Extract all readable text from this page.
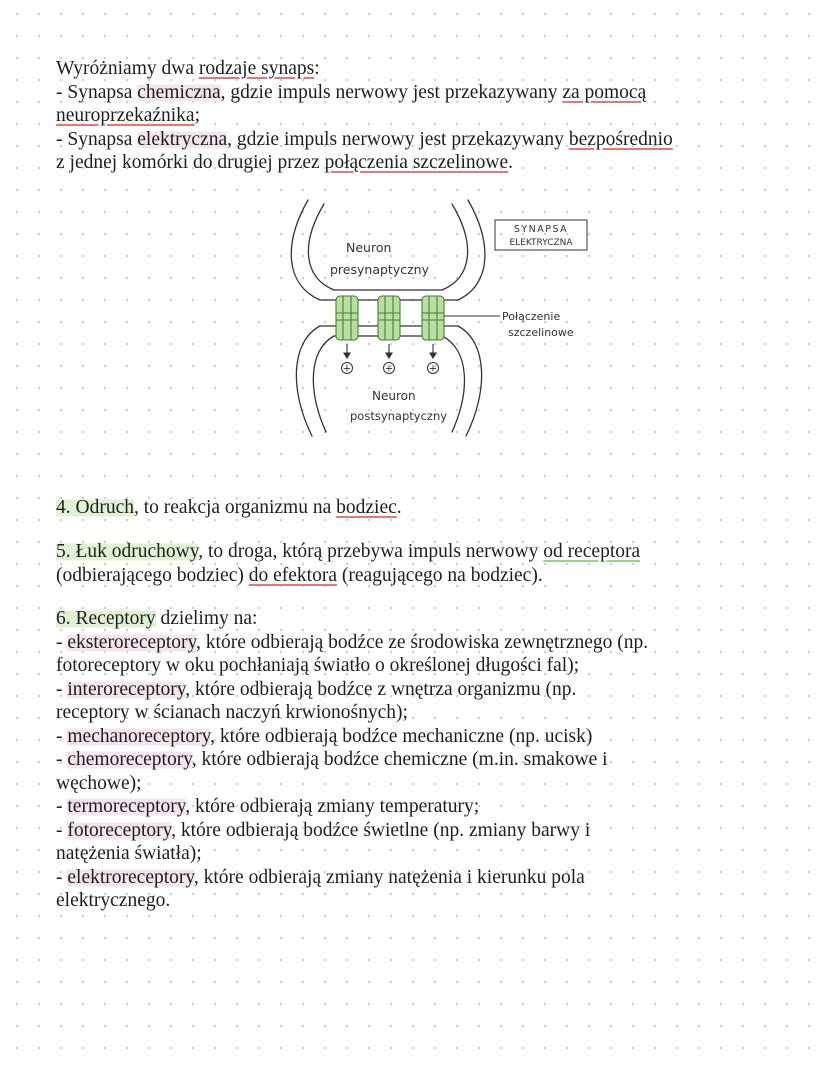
Wyróżniamy dwa rodzaje synaps:
- Synapsa chemiczna, gdzie impuls nerwowy jest przekazywany za pomocą
neuroprzekaźnika;
- Synapsa elektryczna, gdzie impuls nerwowy jest przekazywany bezpośrednio
z jednej komórki do drugiej przez połączenia szczelinowe.
+	+	+
Neuron
presynaptyczny
Neuron
postsynaptyczny
SYNAPSA
ELEKTRYCZNA
Połączenie
szczelinowe
4. Odruch, to reakcja organizmu na bodziec.
5. Łuk odruchowy, to droga, którą przebywa impuls nerwowy od receptora
(odbierającego bodziec) do efektora (reagującego na bodziec).
6. Receptory dzielimy na:
- eksteroreceptory, które odbierają bodźce ze środowiska zewnętrznego (np.
fotoreceptory w oku pochłaniają światło o określonej długości fal);
- interoreceptory, które odbierają bodźce z wnętrza organizmu (np.
receptory w ścianach naczyń krwionośnych);
- mechanoreceptory, które odbierają bodźce mechaniczne (np. ucisk)
- chemoreceptory, które odbierają bodźce chemiczne (m.in. smakowe i
węchowe);
- termoreceptory, które odbierają zmiany temperatury;
- fotoreceptory, które odbierają bodźce świetlne (np. zmiany barwy i
natężenia światła);
- elektroreceptory, które odbierają zmiany natężenia i kierunku pola
elektrycznego.
